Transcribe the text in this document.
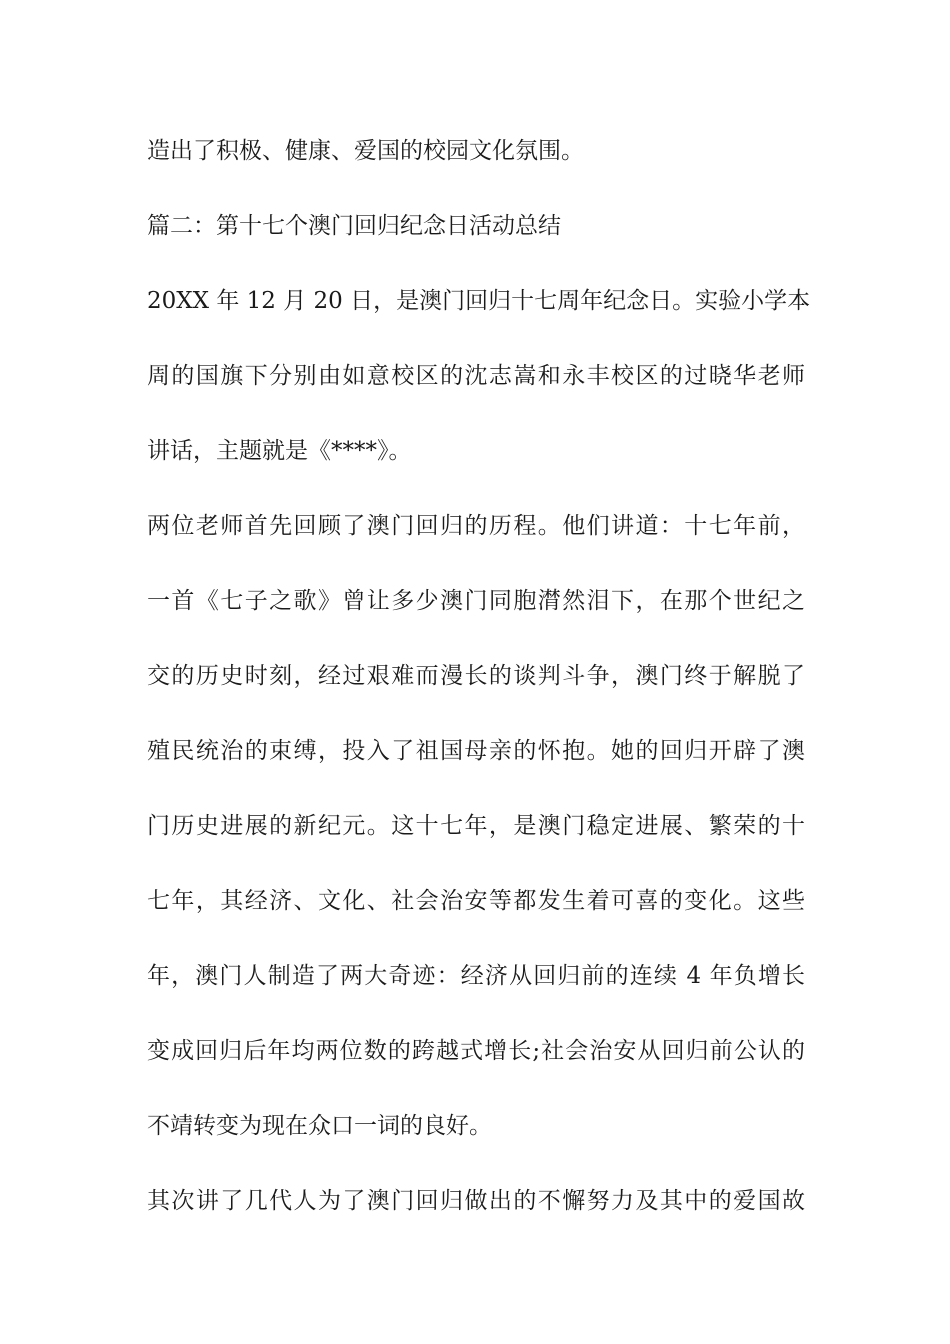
造出了积极、健康、爱国的校园文化氛围。
篇二：第十七个澳门回归纪念日活动总结
20XX 年 12 月 20 日，是澳门回归十七周年纪念日。实验小学本
周的国旗下分别由如意校区的沈志嵩和永丰校区的过晓华老师
讲话，主题就是《****》。
两位老师首先回顾了澳门回归的历程。他们讲道：十七年前，
一首《七子之歌》曾让多少澳门同胞潸然泪下，在那个世纪之
交的历史时刻，经过艰难而漫长的谈判斗争，澳门终于解脱了
殖民统治的束缚，投入了祖国母亲的怀抱。她的回归开辟了澳
门历史进展的新纪元。这十七年，是澳门稳定进展、繁荣的十
七年，其经济、文化、社会治安等都发生着可喜的变化。这些
年，澳门人制造了两大奇迹：经济从回归前的连续 4 年负增长
变成回归后年均两位数的跨越式增长;社会治安从回归前公认的
不靖转变为现在众口一词的良好。
其次讲了几代人为了澳门回归做出的不懈努力及其中的爱国故
